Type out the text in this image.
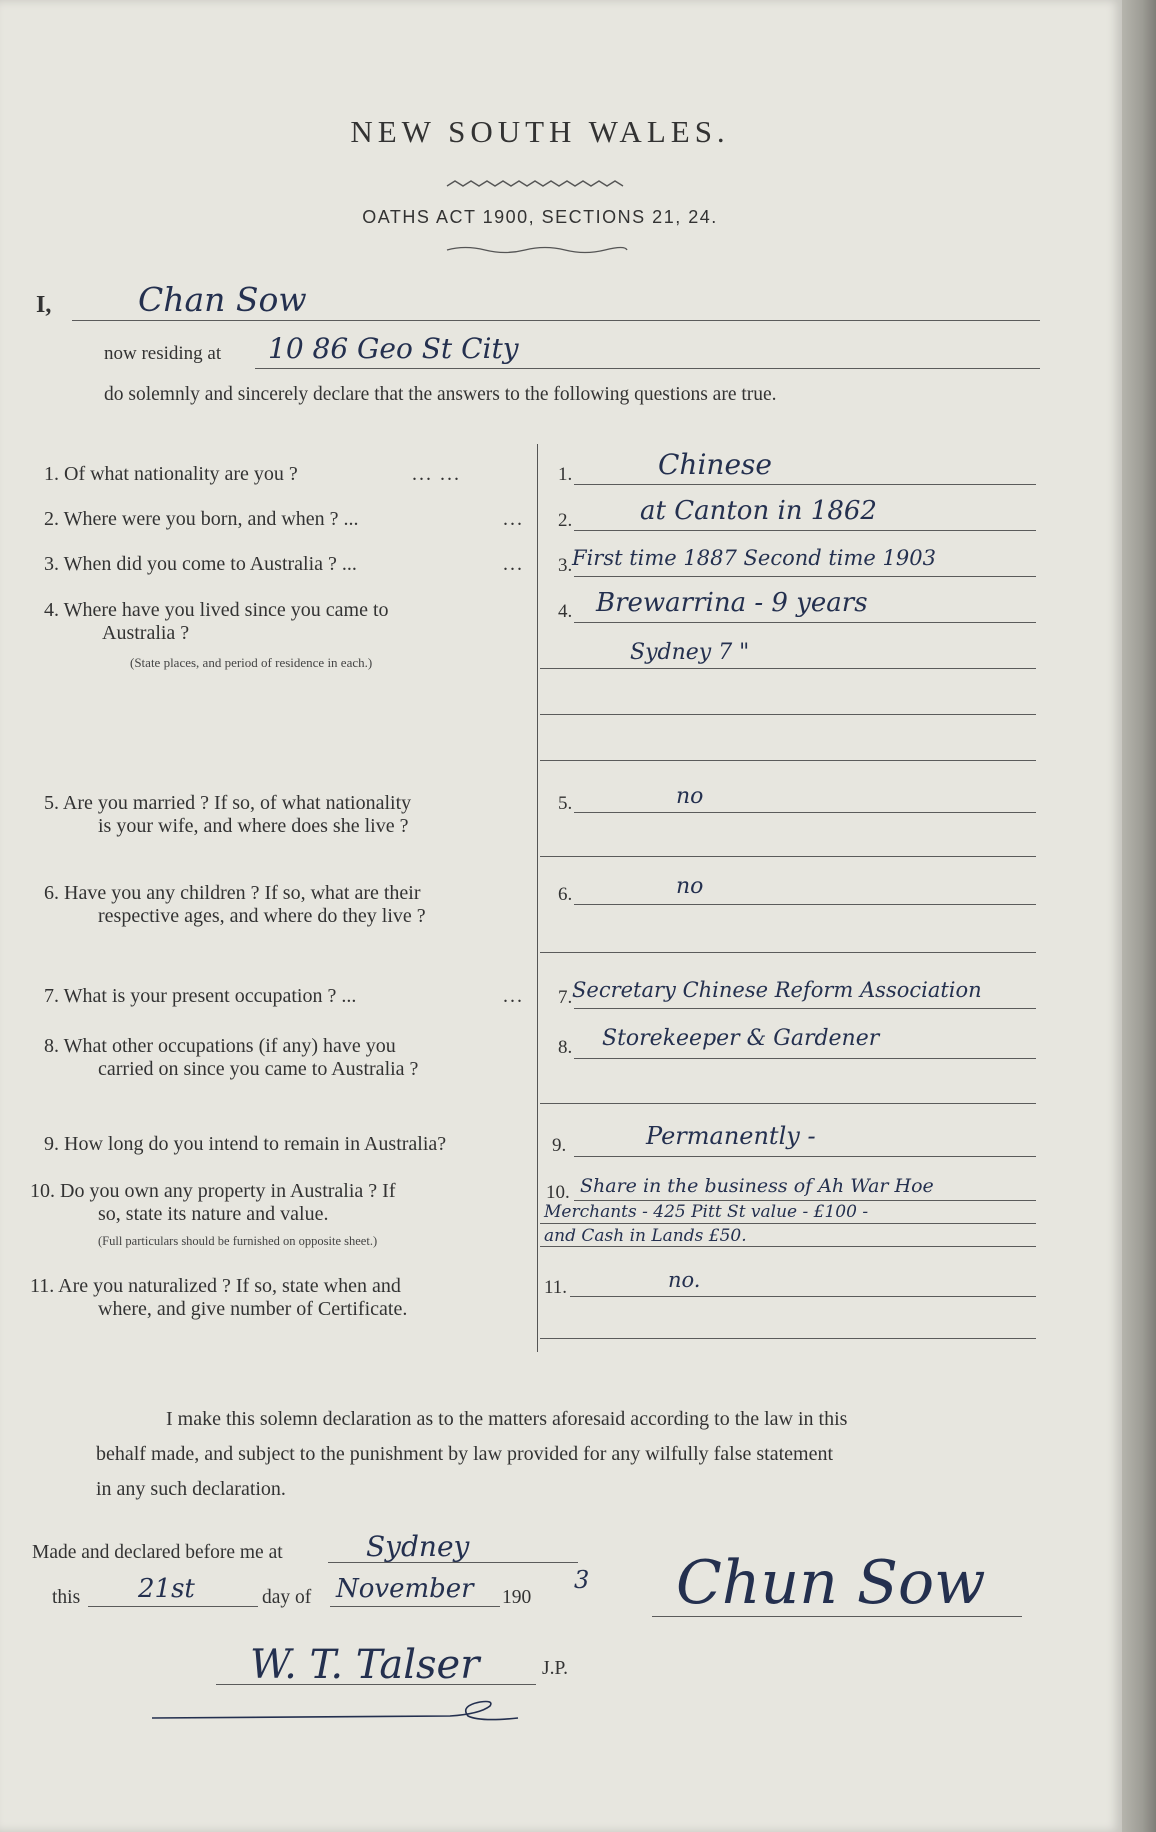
NEW SOUTH WALES.
OATHS ACT 1900, SECTIONS 21, 24.
I,	Chan Sow
now residing at 10 86 Geo St City
do solemnly and sincerely declare that the answers to the following questions are true.
1. Of what nationality are you ?	... ...	1.	Chinese
2. Where were you born, and when ? ...	... 2.	at Canton in 1862
3. When did you come to Australia ? ...	... 3. First time 1887 Second time 1903
4. Where have you lived since you came to
Australia ?
(State places, and period of residence in each.)
4. Brewarrina - 9 years
Sydney 7 "
5. Are you married ? If so, of what nationality
is your wife, and where does she live ?
5.	no
6. Have you any children ? If so, what are their
respective ages, and where do they live ?
6.	no
7. What is your present occupation ? ...	... 7. Secretary Chinese Reform Association
8. What other occupations (if any) have you
carried on since you came to Australia ?
8. Storekeeper & Gardener
9. How long do you intend to remain in Australia?	9.	Permanently -
10. Do you own any property in Australia ? If
so, state its nature and value.
(Full particulars should be furnished on opposite sheet.)
10. Share in the business of Ah War Hoe
Merchants - 425 Pitt St value - £100 -
and Cash in Lands £50.
11. Are you naturalized ? If so, state when and
where, and give number of Certificate.
11.	no.
I make this solemn declaration as to the matters aforesaid according to the law in this
behalf made, and subject to the punishment by law provided for any wilfully false statement
in any such declaration.
Made and declared before me at	Sydney
this 21st	day of November 190
3
W. T. Talser	J.P.
Chun Sow
